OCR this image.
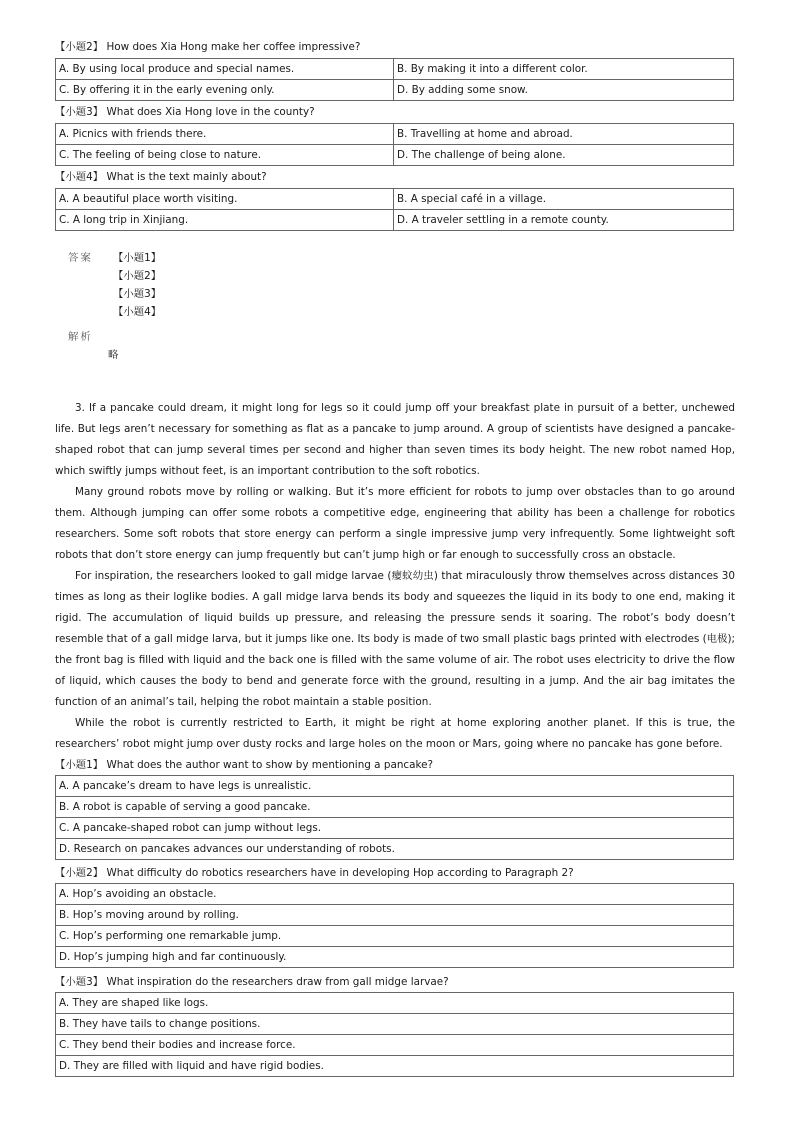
【小题2】 How does Xia Hong make her coffee impressive?
A. By using local produce and special names.	B. By making it into a different color.
C. By offering it in the early evening only.	D. By adding some snow.
【小题3】 What does Xia Hong love in the county?
A. Picnics with friends there.	B. Travelling at home and abroad.
C. The feeling of being close to nature.	D. The challenge of being alone.
【小题4】 What is the text mainly about?
A. A beautiful place worth visiting.	B. A special café in a village.
C. A long trip in Xinjiang.	D. A traveler settling in a remote county.
答案 【小题1】
【小题2】
【小题3】
【小题4】
解析
略

3. If a pancake could dream, it might long for legs so it could jump off your breakfast plate in pursuit of a better, unchewed life. But legs aren’t necessary for something as flat as a pancake to jump around. A group of scientists have designed a pancake-shaped robot that can jump several times per second and higher than seven times its body height. The new robot named Hop, which swiftly jumps without feet, is an important contribution to the soft robotics.

Many ground robots move by rolling or walking. But it’s more efficient for robots to jump over obstacles than to go around them. Although jumping can offer some robots a competitive edge, engineering that ability has been a challenge for robotics researchers. Some soft robots that store energy can perform a single impressive jump very infrequently. Some lightweight soft robots that don’t store energy can jump frequently but can’t jump high or far enough to successfully cross an obstacle.

For inspiration, the researchers looked to gall midge larvae (瘿蚊幼虫) that miraculously throw themselves across distances 30 times as long as their loglike bodies. A gall midge larva bends its body and squeezes the liquid in its body to one end, making it rigid. The accumulation of liquid builds up pressure, and releasing the pressure sends it soaring. The robot’s body doesn’t resemble that of a gall midge larva, but it jumps like one. Its body is made of two small plastic bags printed with electrodes (电极); the front bag is filled with liquid and the back one is filled with the same volume of air. The robot uses electricity to drive the flow of liquid, which causes the body to bend and generate force with the ground, resulting in a jump. And the air bag imitates the function of an animal’s tail, helping the robot maintain a stable position.

While the robot is currently restricted to Earth, it might be right at home exploring another planet. If this is true, the researchers’ robot might jump over dusty rocks and large holes on the moon or Mars, going where no pancake has gone before.

【小题1】 What does the author want to show by mentioning a pancake?
A. A pancake’s dream to have legs is unrealistic.
B. A robot is capable of serving a good pancake.
C. A pancake-shaped robot can jump without legs.
D. Research on pancakes advances our understanding of robots.
【小题2】 What difficulty do robotics researchers have in developing Hop according to Paragraph 2?
A. Hop’s avoiding an obstacle.
B. Hop’s moving around by rolling.
C. Hop’s performing one remarkable jump.
D. Hop’s jumping high and far continuously.
【小题3】 What inspiration do the researchers draw from gall midge larvae?
A. They are shaped like logs.
B. They have tails to change positions.
C. They bend their bodies and increase force.
D. They are filled with liquid and have rigid bodies.
